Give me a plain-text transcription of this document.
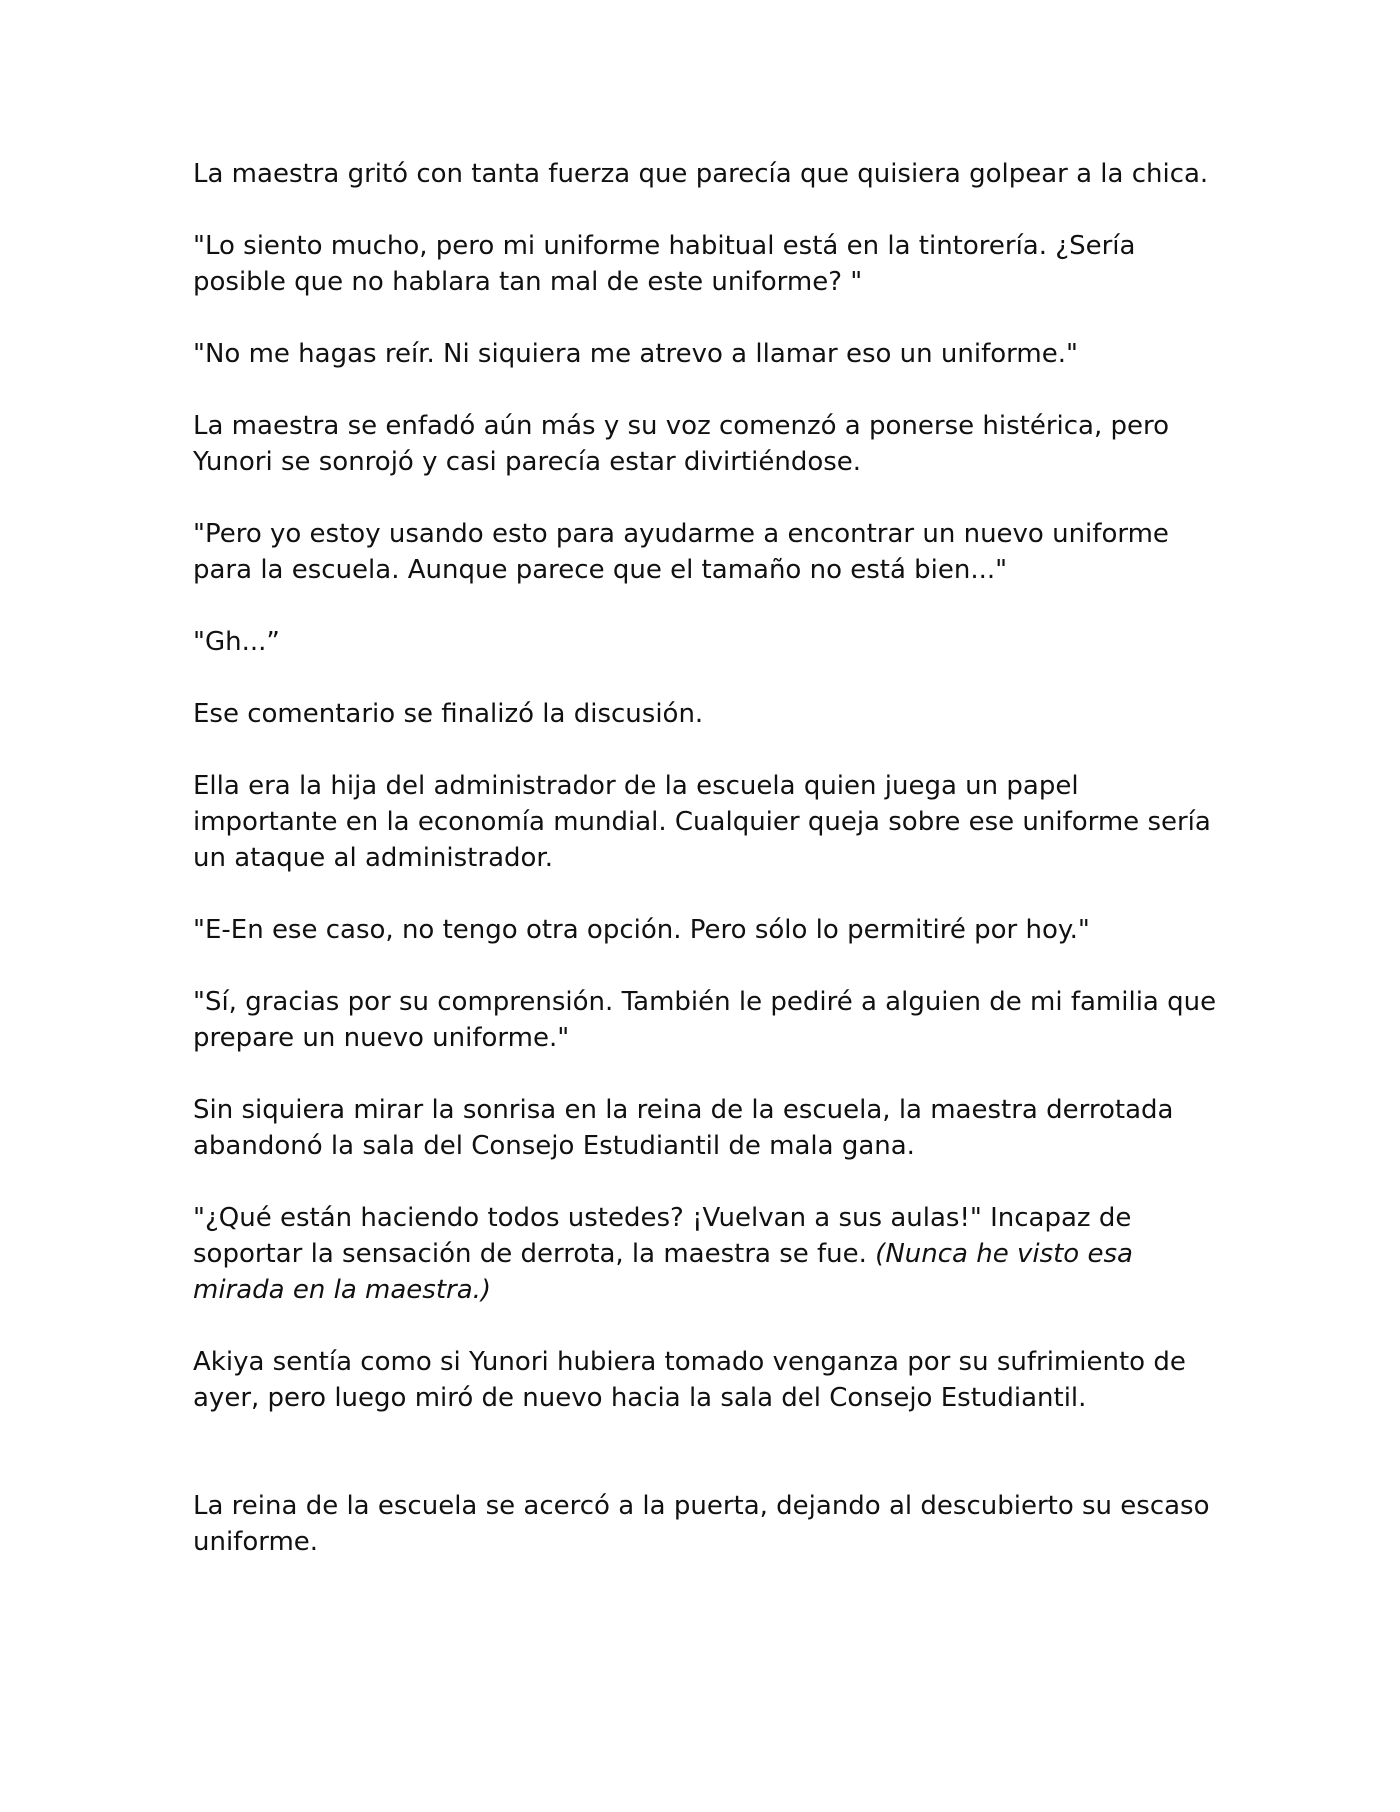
La maestra gritó con tanta fuerza que parecía que quisiera golpear a la chica.

"Lo siento mucho, pero mi uniforme habitual está en la tintorería. ¿Sería posible que no hablara tan mal de este uniforme? "

"No me hagas reír. Ni siquiera me atrevo a llamar eso un uniforme."

La maestra se enfadó aún más y su voz comenzó a ponerse histérica, pero Yunori se sonrojó y casi parecía estar divirtiéndose.

"Pero yo estoy usando esto para ayudarme a encontrar un nuevo uniforme para la escuela. Aunque parece que el tamaño no está bien..."

"Gh...”

Ese comentario se finalizó la discusión.

Ella era la hija del administrador de la escuela quien juega un papel importante en la economía mundial. Cualquier queja sobre ese uniforme sería un ataque al administrador.

"E-En ese caso, no tengo otra opción. Pero sólo lo permitiré por hoy."

"Sí, gracias por su comprensión. También le pediré a alguien de mi familia que prepare un nuevo uniforme."

Sin siquiera mirar la sonrisa en la reina de la escuela, la maestra derrotada abandonó la sala del Consejo Estudiantil de mala gana.

"¿Qué están haciendo todos ustedes? ¡Vuelvan a sus aulas!" Incapaz de soportar la sensación de derrota, la maestra se fue. (Nunca he visto esa mirada en la maestra.)

Akiya sentía como si Yunori hubiera tomado venganza por su sufrimiento de ayer, pero luego miró de nuevo hacia la sala del Consejo Estudiantil.

La reina de la escuela se acercó a la puerta, dejando al descubierto su escaso uniforme.
